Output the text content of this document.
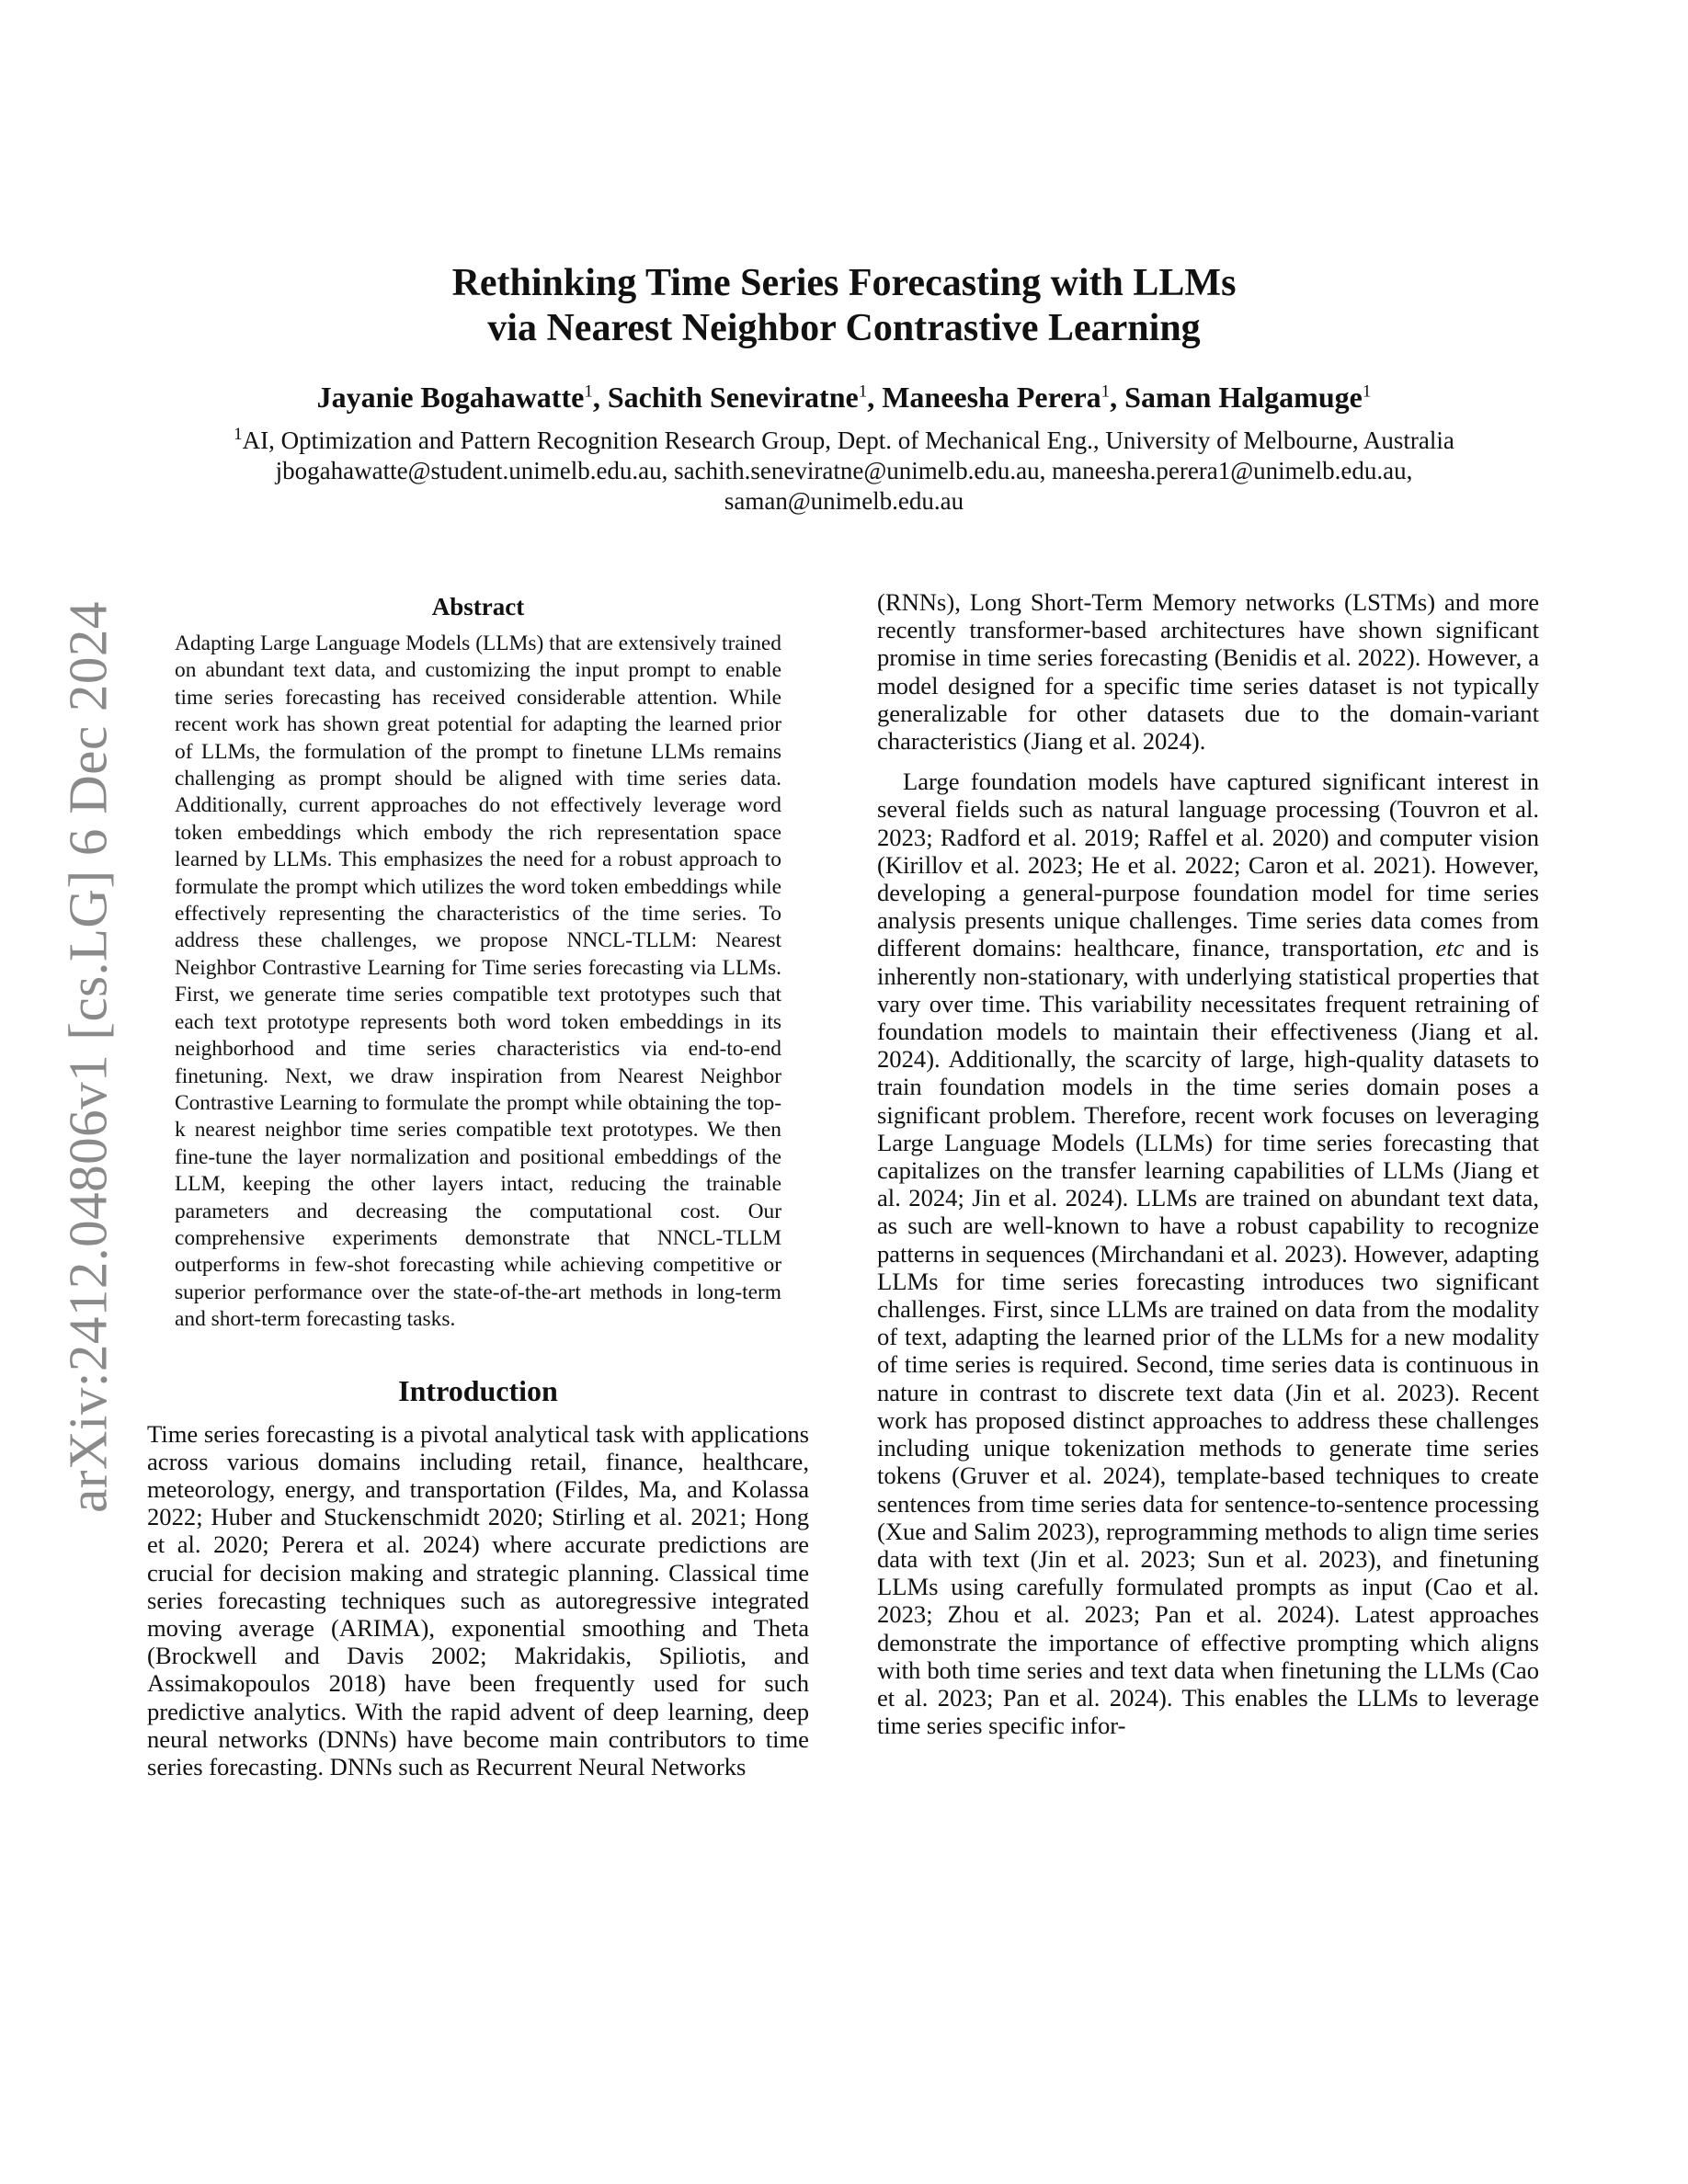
arXiv:2412.04806v1 [cs.LG] 6 Dec 2024
Rethinking Time Series Forecasting with LLMs
via Nearest Neighbor Contrastive Learning
Jayanie Bogahawatte$^1$, Sachith Seneviratne$^1$, Maneesha Perera$^1$, Saman Halgamuge$^1$
$^1$AI, Optimization and Pattern Recognition Research Group, Dept. of Mechanical Eng., University of Melbourne, Australia
jbogahawatte@student.unimelb.edu.au, sachith.seneviratne@unimelb.edu.au, maneesha.perera1@unimelb.edu.au,
saman@unimelb.edu.au
Abstract

Adapting Large Language Models (LLMs) that are extensively trained on abundant text data, and customizing the input prompt to enable time series forecasting has received considerable attention. While recent work has shown great potential for adapting the learned prior of LLMs, the formulation of the prompt to finetune LLMs remains challenging as prompt should be aligned with time series data. Additionally, current approaches do not effectively leverage word token embeddings which embody the rich representation space learned by LLMs. This emphasizes the need for a robust approach to formulate the prompt which utilizes the word token embeddings while effectively representing the characteristics of the time series. To address these challenges, we propose NNCL-TLLM: Nearest Neighbor Contrastive Learning for Time series forecasting via LLMs. First, we generate time series compatible text prototypes such that each text prototype represents both word token embeddings in its neighborhood and time series characteristics via end-to-end finetuning. Next, we draw inspiration from Nearest Neighbor Contrastive Learning to formulate the prompt while obtaining the top-k nearest neighbor time series compatible text prototypes. We then fine-tune the layer normalization and positional embeddings of the LLM, keeping the other layers intact, reducing the trainable parameters and decreasing the computational cost. Our comprehensive experiments demonstrate that NNCL-TLLM outperforms in few-shot forecasting while achieving competitive or superior performance over the state-of-the-art methods in long-term and short-term forecasting tasks.

Introduction

Time series forecasting is a pivotal analytical task with applications across various domains including retail, finance, healthcare, meteorology, energy, and transportation (Fildes, Ma, and Kolassa 2022; Huber and Stuckenschmidt 2020; Stirling et al. 2021; Hong et al. 2020; Perera et al. 2024) where accurate predictions are crucial for decision making and strategic planning. Classical time series forecasting techniques such as autoregressive integrated moving average (ARIMA), exponential smoothing and Theta (Brockwell and Davis 2002; Makridakis, Spiliotis, and Assimakopoulos 2018) have been frequently used for such predictive analytics. With the rapid advent of deep learning, deep neural networks (DNNs) have become main contributors to time series forecasting. DNNs such as Recurrent Neural Networks

(RNNs), Long Short-Term Memory networks (LSTMs) and more recently transformer-based architectures have shown significant promise in time series forecasting (Benidis et al. 2022). However, a model designed for a specific time series dataset is not typically generalizable for other datasets due to the domain-variant characteristics (Jiang et al. 2024).

Large foundation models have captured significant interest in several fields such as natural language processing (Touvron et al. 2023; Radford et al. 2019; Raffel et al. 2020) and computer vision (Kirillov et al. 2023; He et al. 2022; Caron et al. 2021). However, developing a general-purpose foundation model for time series analysis presents unique challenges. Time series data comes from different domains: healthcare, finance, transportation, etc and is inherently non-stationary, with underlying statistical properties that vary over time. This variability necessitates frequent retraining of foundation models to maintain their effectiveness (Jiang et al. 2024). Additionally, the scarcity of large, high-quality datasets to train foundation models in the time series domain poses a significant problem. Therefore, recent work focuses on leveraging Large Language Models (LLMs) for time series forecasting that capitalizes on the transfer learning capabilities of LLMs (Jiang et al. 2024; Jin et al. 2024). LLMs are trained on abundant text data, as such are well-known to have a robust capability to recognize patterns in sequences (Mirchandani et al. 2023). However, adapting LLMs for time series forecasting introduces two significant challenges. First, since LLMs are trained on data from the modality of text, adapting the learned prior of the LLMs for a new modality of time series is required. Second, time series data is continuous in nature in contrast to discrete text data (Jin et al. 2023). Recent work has proposed distinct approaches to address these challenges including unique tokenization methods to generate time series tokens (Gruver et al. 2024), template-based techniques to create sentences from time series data for sentence-to-sentence processing (Xue and Salim 2023), reprogramming methods to align time series data with text (Jin et al. 2023; Sun et al. 2023), and finetuning LLMs using carefully formulated prompts as input (Cao et al. 2023; Zhou et al. 2023; Pan et al. 2024). Latest approaches demonstrate the importance of effective prompting which aligns with both time series and text data when finetuning the LLMs (Cao et al. 2023; Pan et al. 2024). This enables the LLMs to leverage time series specific infor-
